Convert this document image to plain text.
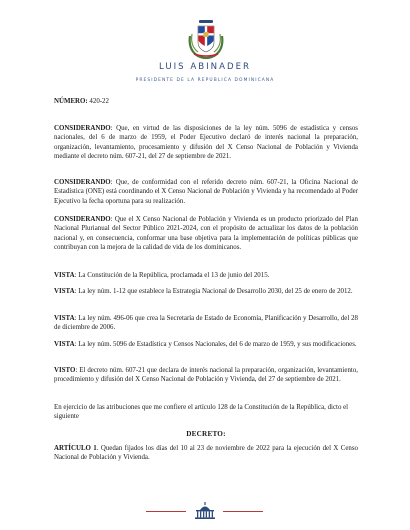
LUIS ABINADER
PRESIDENTE DE LA REPÚBLICA DOMINICANA
NÚMERO: 420-22
CONSIDERANDO: Que, en virtud de las disposiciones de la ley núm. 5096 de estadística y censos nacionales, del 6 de marzo de 1959, el Poder Ejecutivo declaró de interés nacional la preparación, organización, levantamiento, procesamiento y difusión del X Censo Nacional de Población y Vivienda mediante el decreto núm. 607-21, del 27 de septiembre de 2021.
CONSIDERANDO: Que, de conformidad con el referido decreto núm. 607-21, la Oficina Nacional de Estadística (ONE) está coordinando el X Censo Nacional de Población y Vivienda y ha recomendado al Poder Ejecutivo la fecha oportuna para su realización.
CONSIDERANDO: Que el X Censo Nacional de Población y Vivienda es un producto priorizado del Plan Nacional Plurianual del Sector Público 2021-2024, con el propósito de actualizar los datos de la población nacional y, en consecuencia, conformar una base objetiva para la implementación de políticas públicas que contribuyan con la mejora de la calidad de vida de los dominicanos.
VISTA: La Constitución de la República, proclamada el 13 de junio del 2015.
VISTA: La ley núm. 1-12 que establece la Estrategia Nacional de Desarrollo 2030, del 25 de enero de 2012.
VISTA: La ley núm. 496-06 que crea la Secretaría de Estado de Economía, Planificación y Desarrollo, del 28 de diciembre de 2006.
VISTA: La ley núm. 5096 de Estadística y Censos Nacionales, del 6 de marzo de 1959, y sus modificaciones.
VISTO: El decreto núm. 607-21 que declara de interés nacional la preparación, organización, levantamiento, procedimiento y difusión del X Censo Nacional de Población y Vivienda, del 27 de septiembre de 2021.
En ejercicio de las atribuciones que me confiere el artículo 128 de la Constitución de la República, dicto el siguiente
DECRETO:
ARTÍCULO 1. Quedan fijados los días del 10 al 23 de noviembre de 2022 para la ejecución del X Censo Nacional de Población y Vivienda.
